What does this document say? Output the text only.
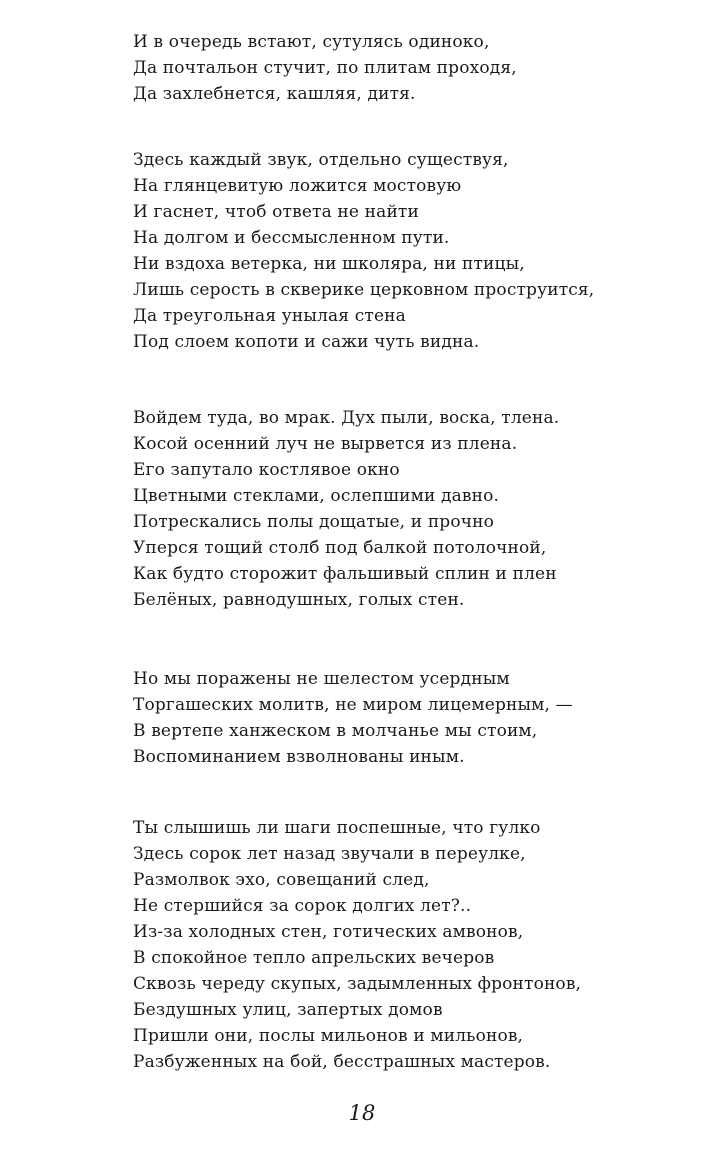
И в очередь встают, сутулясь одиноко,
Да почтальон стучит, по плитам проходя,
Да захлебнется, кашляя, дитя.
Здесь каждый звук, отдельно существуя,
На глянцевитую ложится мостовую
И гаснет, чтоб ответа не найти
На долгом и бессмысленном пути.
Ни вздоха ветерка, ни школяра, ни птицы,
Лишь серость в скверике церковном проструится,
Да треугольная унылая стена
Под слоем копоти и сажи чуть видна.
Войдем туда, во мрак. Дух пыли, воска, тлена.
Косой осенний луч не вырвется из плена.
Его запутало костлявое окно
Цветными стеклами, ослепшими давно.
Потрескались полы дощатые, и прочно
Уперся тощий столб под балкой потолочной,
Как будто сторожит фальшивый сплин и плен
Белёных, равнодушных, голых стен.
Но мы поражены не шелестом усердным
Торгашеских молитв, не миром лицемерным, —
В вертепе ханжеском в молчанье мы стоим,
Воспоминанием взволнованы иным.
Ты слышишь ли шаги поспешные, что гулко
Здесь сорок лет назад звучали в переулке,
Размолвок эхо, совещаний след,
Не стершийся за сорок долгих лет?..
Из-за холодных стен, готических амвонов,
В спокойное тепло апрельских вечеров
Сквозь череду скупых, задымленных фронтонов,
Бездушных улиц, запертых домов
Пришли они, послы мильонов и мильонов,
Разбуженных на бой, бесстрашных мастеров.
18
